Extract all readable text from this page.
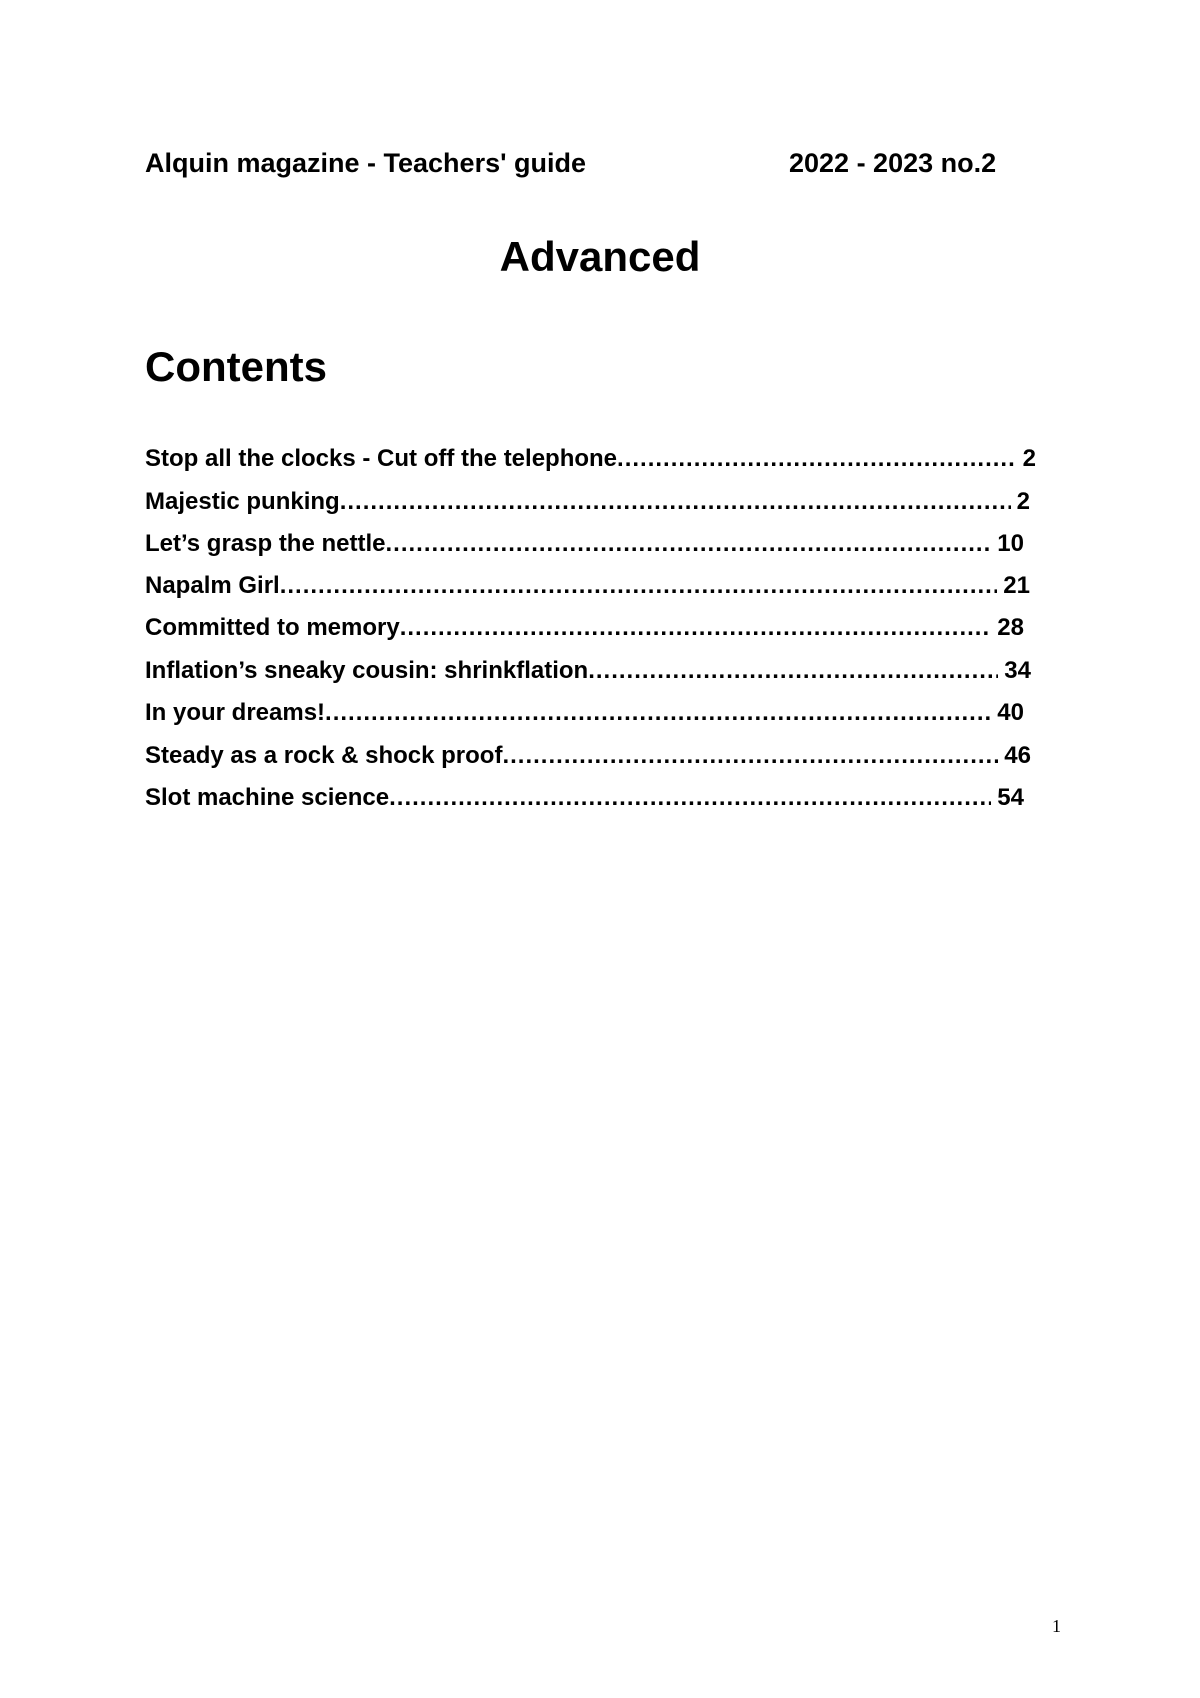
Alquin magazine - Teachers' guide	2022 - 2023 no.2
Advanced
Contents
Stop all the clocks - Cut off the telephone .....	2
Majestic punking .....	2
Let’s grasp the nettle .....	10
Napalm Girl .....	21
Committed to memory .....	28
Inflation’s sneaky cousin: shrinkflation .....	34
In your dreams! .....	40
Steady as a rock & shock proof .....	46
Slot machine science .....	54
1
